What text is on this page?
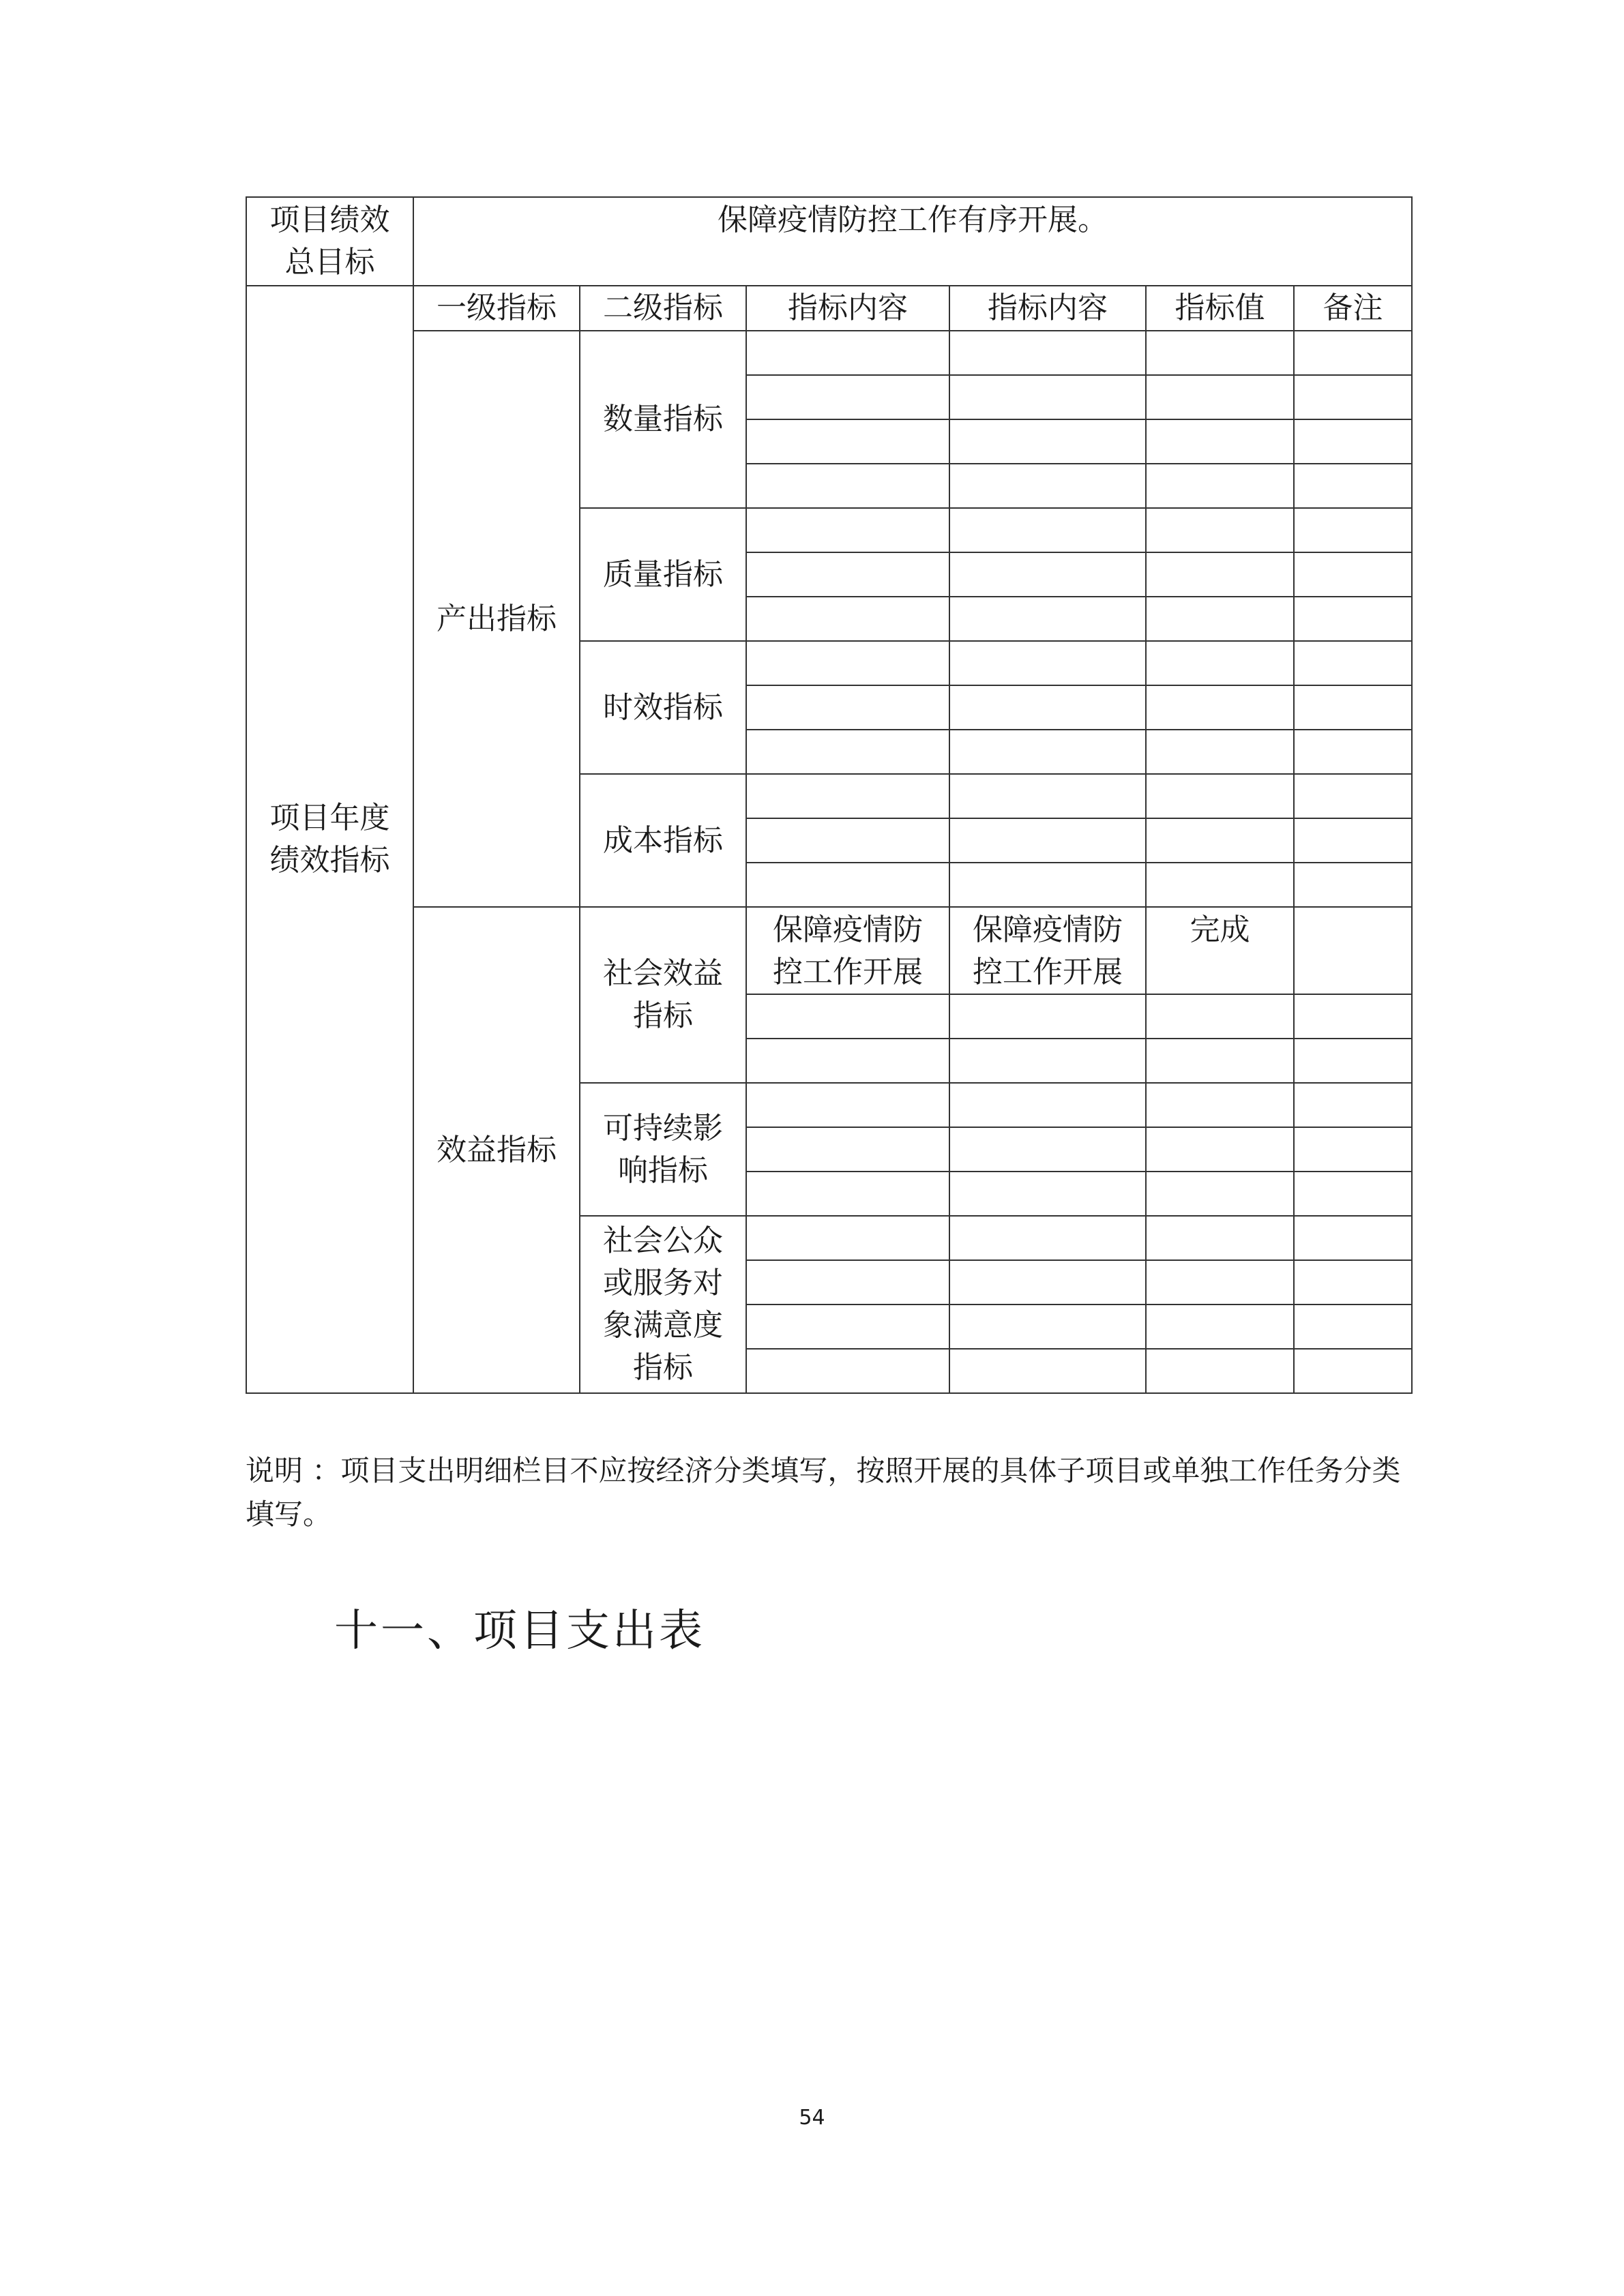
项目绩效总目标	保障疫情防控工作有序开展。					

项目年度绩效指标	一级指标	二级指标	指标内容	指标内容	指标值	备注
	产出指标	数量指标				

		质量指标				

		时效指标				

		成本指标				

	效益指标	社会效益指标	保障疫情防控工作开展	保障疫情防控工作开展	完成	

		可持续影响指标				

		社会公众或服务对象满意度指标				

说明 ：项目支出明细栏目不应按经济分类填写，按照开展的具体子项目或单独工作任务分类填写。

十一、项目支出表
54
